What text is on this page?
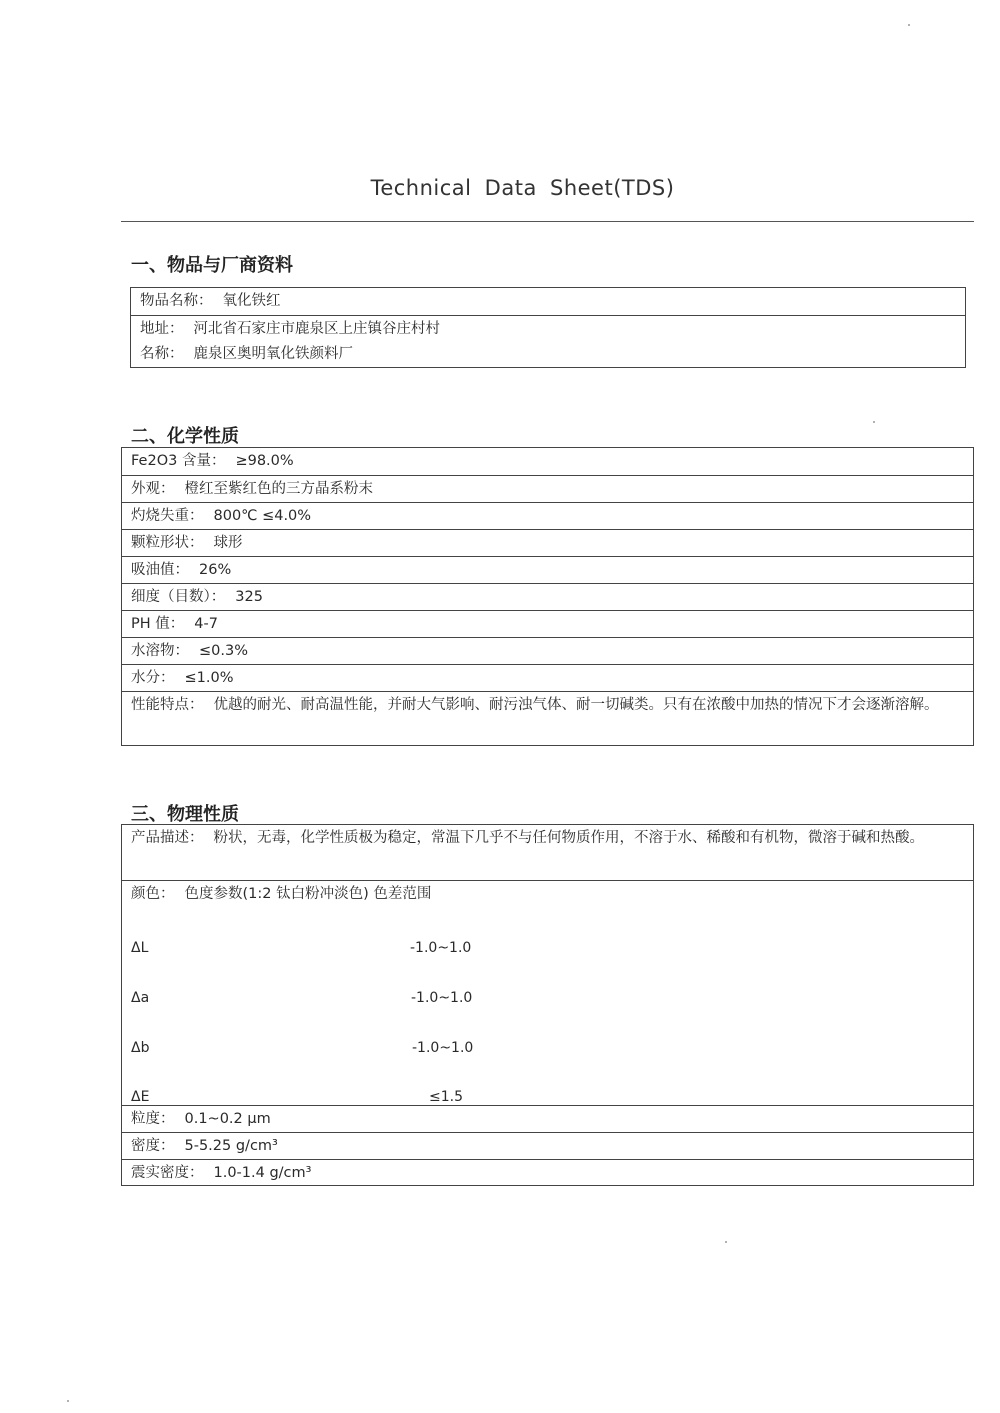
Technical Data Sheet(TDS)
一、物品与厂商资料
物品名称： 氧化铁红
地址： 河北省石家庄市鹿泉区上庄镇谷庄村村
名称： 鹿泉区奥明氧化铁颜料厂
二、化学性质
Fe2O3 含量： ≥98.0%
外观： 橙红至紫红色的三方晶系粉末
灼烧失重： 800℃ ≤4.0%
颗粒形状： 球形
吸油值： 26%
细度（目数）： 325
PH 值： 4-7
水溶物： ≤0.3%
水分： ≤1.0%
性能特点： 优越的耐光、耐高温性能，并耐大气影响、耐污浊气体、耐一切碱类。只有在浓酸中加热的情况下才会逐渐溶解。
三、物理性质
产品描述： 粉状，无毒，化学性质极为稳定，常温下几乎不与任何物质作用，不溶于水、稀酸和有机物，微溶于碱和热酸。
颜色： 色度参数(1:2 钛白粉冲淡色) 色差范围
ΔL	-1.0~1.0
Δa	-1.0~1.0
Δb	-1.0~1.0
ΔE	≤1.5
粒度： 0.1~0.2 μm
密度： 5-5.25 g/cm³
震实密度： 1.0-1.4 g/cm³
